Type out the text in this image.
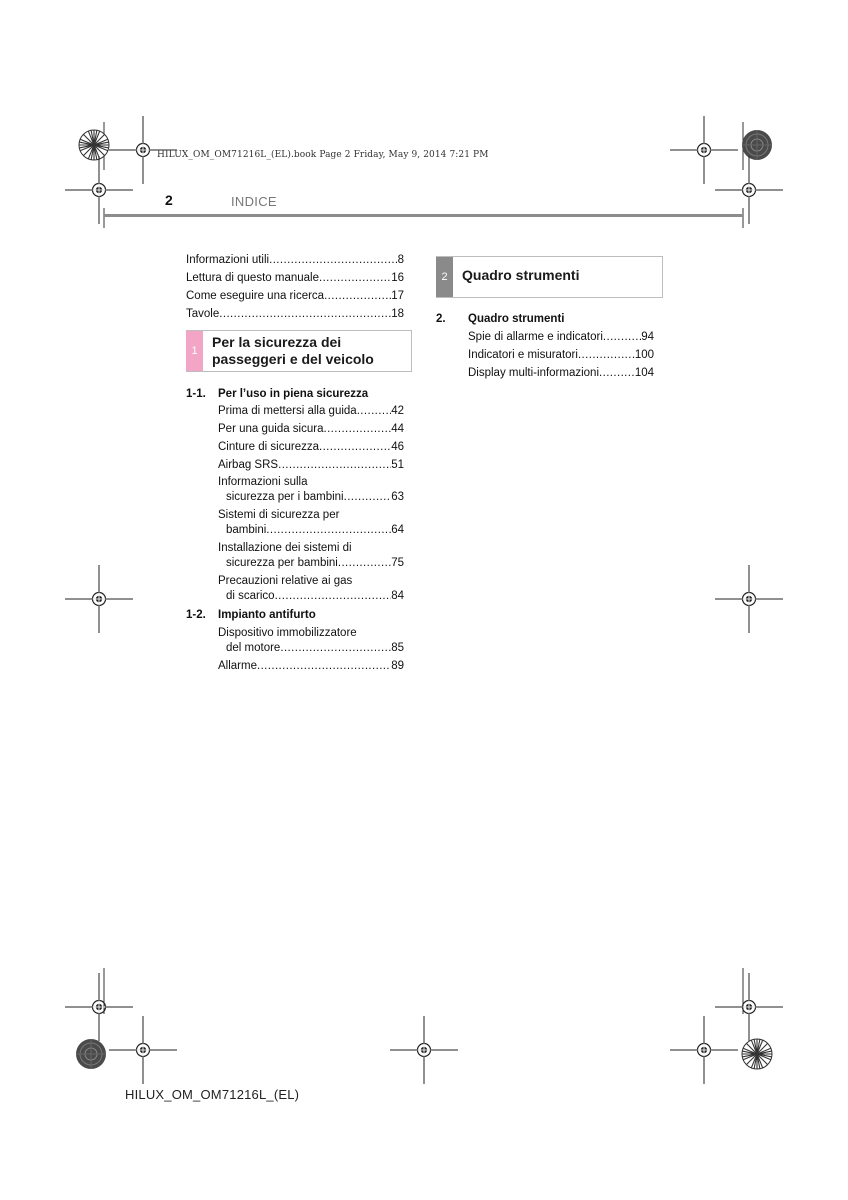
HILUX_OM_OM71216L_(EL).book Page 2 Friday, May 9, 2014 7:21 PM
2	INDICE
Informazioni utili .....	8
Lettura di questo manuale .....	16
Come eseguire una ricerca .....	17
Tavole .....	18
1
Per la sicurezza dei
passeggeri e del veicolo
1-1. Per l’uso in piena sicurezza
Prima di mettersi alla guida .....	42
Per una guida sicura .....	44
Cinture di sicurezza .....	46
Airbag SRS .....	51
Informazioni sulla
sicurezza per i bambini .....	63
Sistemi di sicurezza per
bambini .....	64
Installazione dei sistemi di
sicurezza per bambini .....	75
Precauzioni relative ai gas
di scarico .....	84
1-2. Impianto antifurto
Dispositivo immobilizzatore
del motore .....	85
Allarme .....	89
2	Quadro strumenti
2. Quadro strumenti
Spie di allarme e indicatori .....	94
Indicatori e misuratori .....	100
Display multi-informazioni .....	104
HILUX_OM_OM71216L_(EL)
